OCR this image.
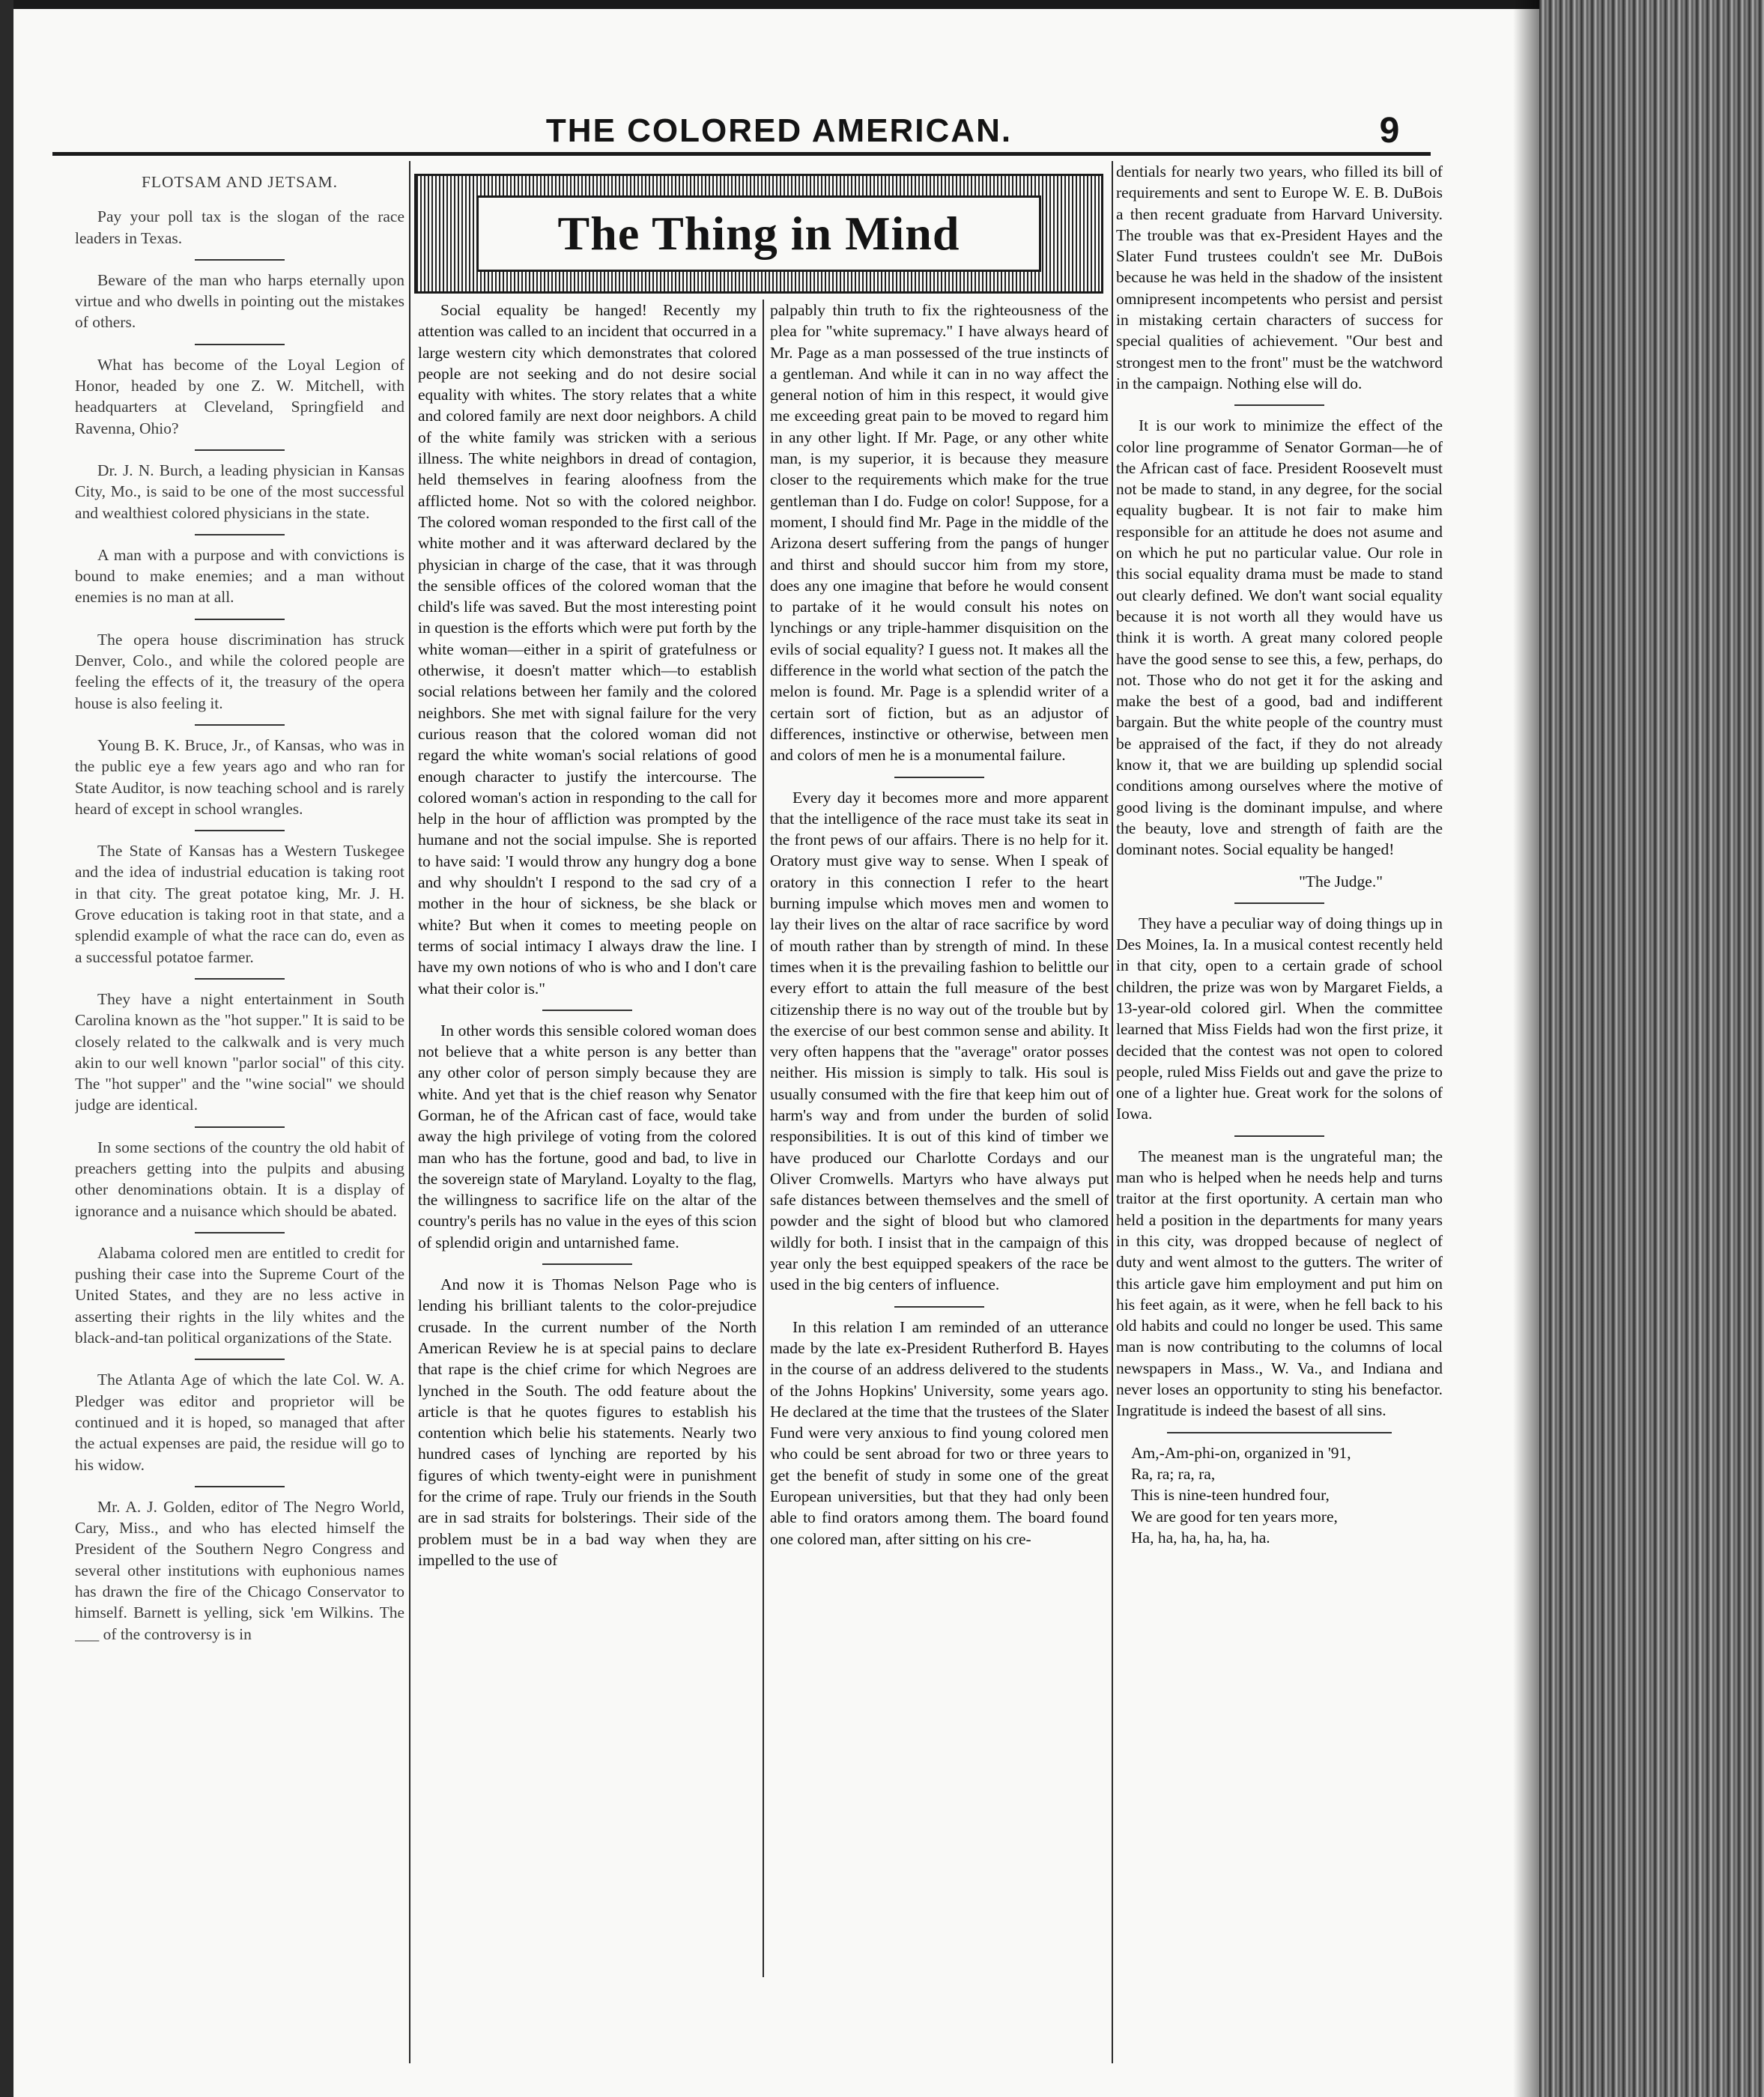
THE COLORED AMERICAN.	9
FLOTSAM AND JETSAM.

Pay your poll tax is the slogan of the race leaders in Texas.

Beware of the man who harps eternally upon virtue and who dwells in pointing out the mistakes of others.

What has become of the Loyal Legion of Honor, headed by one Z. W. Mitchell, with headquarters at Cleveland, Springfield and Ravenna, Ohio?

Dr. J. N. Burch, a leading physician in Kansas City, Mo., is said to be one of the most successful and wealthiest colored physicians in the state.

A man with a purpose and with convictions is bound to make enemies; and a man without enemies is no man at all.

The opera house discrimination has struck Denver, Colo., and while the colored people are feeling the effects of it, the treasury of the opera house is also feeling it.

Young B. K. Bruce, Jr., of Kansas, who was in the public eye a few years ago and who ran for State Auditor, is now teaching school and is rarely heard of except in school wrangles.

The State of Kansas has a Western Tuskegee and the idea of industrial education is taking root in that city. The great potatoe king, Mr. J. H. Grove education is taking root in that state, and a splendid example of what the race can do, even as a successful potatoe farmer.

They have a night entertainment in South Carolina known as the "hot supper." It is said to be closely related to the calkwalk and is very much akin to our well known "parlor social" of this city. The "hot supper" and the "wine social" we should judge are identical.

In some sections of the country the old habit of preachers getting into the pulpits and abusing other denominations obtain. It is a display of ignorance and a nuisance which should be abated.

Alabama colored men are entitled to credit for pushing their case into the Supreme Court of the United States, and they are no less active in asserting their rights in the lily whites and the black-and-tan political organizations of the State.

The Atlanta Age of which the late Col. W. A. Pledger was editor and proprietor will be continued and it is hoped, so managed that after the actual expenses are paid, the residue will go to his widow.

Mr. A. J. Golden, editor of The Negro World, Cary, Miss., and who has elected himself the President of the Southern Negro Congress and several other institutions with euphonious names has drawn the fire of the Chicago Conservator to himself. Barnett is yelling, sick 'em Wilkins. The ___ of the controversy is in

The Thing in Mind

Social equality be hanged! Recently my attention was called to an incident that occurred in a large western city which demonstrates that colored people are not seeking and do not desire social equality with whites. The story relates that a white and colored family are next door neighbors. A child of the white family was stricken with a serious illness. The white neighbors in dread of contagion, held themselves in fearing aloofness from the afflicted home. Not so with the colored neighbor. The colored woman responded to the first call of the white mother and it was afterward declared by the physician in charge of the case, that it was through the sensible offices of the colored woman that the child's life was saved. But the most interesting point in question is the efforts which were put forth by the white woman—either in a spirit of gratefulness or otherwise, it doesn't matter which—to establish social relations between her family and the colored neighbors. She met with signal failure for the very curious reason that the colored woman did not regard the white woman's social relations of good enough character to justify the intercourse. The colored woman's action in responding to the call for help in the hour of affliction was prompted by the humane and not the social impulse. She is reported to have said: 'I would throw any hungry dog a bone and why shouldn't I respond to the sad cry of a mother in the hour of sickness, be she black or white? But when it comes to meeting people on terms of social intimacy I always draw the line. I have my own notions of who is who and I don't care what their color is."

In other words this sensible colored woman does not believe that a white person is any better than any other color of person simply because they are white. And yet that is the chief reason why Senator Gorman, he of the African cast of face, would take away the high privilege of voting from the colored man who has the fortune, good and bad, to live in the sovereign state of Maryland. Loyalty to the flag, the willingness to sacrifice life on the altar of the country's perils has no value in the eyes of this scion of splendid origin and untarnished fame.

And now it is Thomas Nelson Page who is lending his brilliant talents to the color-prejudice crusade. In the current number of the North American Review he is at special pains to declare that rape is the chief crime for which Negroes are lynched in the South. The odd feature about the article is that he quotes figures to establish his contention which belie his statements. Nearly two hundred cases of lynching are reported by his figures of which twenty-eight were in punishment for the crime of rape. Truly our friends in the South are in sad straits for bolsterings. Their side of the problem must be in a bad way when they are impelled to the use of

palpably thin truth to fix the righteousness of the plea for "white supremacy." I have always heard of Mr. Page as a man possessed of the true instincts of a gentleman. And while it can in no way affect the general notion of him in this respect, it would give me exceeding great pain to be moved to regard him in any other light. If Mr. Page, or any other white man, is my superior, it is because they measure closer to the requirements which make for the true gentleman than I do. Fudge on color! Suppose, for a moment, I should find Mr. Page in the middle of the Arizona desert suffering from the pangs of hunger and thirst and should succor him from my store, does any one imagine that before he would consent to partake of it he would consult his notes on lynchings or any triple-hammer disquisition on the evils of social equality? I guess not. It makes all the difference in the world what section of the patch the melon is found. Mr. Page is a splendid writer of a certain sort of fiction, but as an adjustor of differences, instinctive or otherwise, between men and colors of men he is a monumental failure.

Every day it becomes more and more apparent that the intelligence of the race must take its seat in the front pews of our affairs. There is no help for it. Oratory must give way to sense. When I speak of oratory in this connection I refer to the heart burning impulse which moves men and women to lay their lives on the altar of race sacrifice by word of mouth rather than by strength of mind. In these times when it is the prevailing fashion to belittle our every effort to attain the full measure of the best citizenship there is no way out of the trouble but by the exercise of our best common sense and ability. It very often happens that the "average" orator posses neither. His mission is simply to talk. His soul is usually consumed with the fire that keep him out of harm's way and from under the burden of solid responsibilities. It is out of this kind of timber we have produced our Charlotte Cordays and our Oliver Cromwells. Martyrs who have always put safe distances between themselves and the smell of powder and the sight of blood but who clamored wildly for both. I insist that in the campaign of this year only the best equipped speakers of the race be used in the big centers of influence.

In this relation I am reminded of an utterance made by the late ex-President Rutherford B. Hayes in the course of an address delivered to the students of the Johns Hopkins' University, some years ago. He declared at the time that the trustees of the Slater Fund were very anxious to find young colored men who could be sent abroad for two or three years to get the benefit of study in some one of the great European universities, but that they had only been able to find orators among them. The board found one colored man, after sitting on his cre-

dentials for nearly two years, who filled its bill of requirements and sent to Europe W. E. B. DuBois a then recent graduate from Harvard University. The trouble was that ex-President Hayes and the Slater Fund trustees couldn't see Mr. DuBois because he was held in the shadow of the insistent omnipresent incompetents who persist and persist in mistaking certain characters of success for special qualities of achievement. "Our best and strongest men to the front" must be the watchword in the campaign. Nothing else will do.

It is our work to minimize the effect of the color line programme of Senator Gorman—he of the African cast of face. President Roosevelt must not be made to stand, in any degree, for the social equality bugbear. It is not fair to make him responsible for an attitude he does not asume and on which he put no particular value. Our role in this social equality drama must be made to stand out clearly defined. We don't want social equality because it is not worth all they would have us think it is worth. A great many colored people have the good sense to see this, a few, perhaps, do not. Those who do not get it for the asking and make the best of a good, bad and indifferent bargain. But the white people of the country must be appraised of the fact, if they do not already know it, that we are building up splendid social conditions among ourselves where the motive of good living is the dominant impulse, and where the beauty, love and strength of faith are the dominant notes. Social equality be hanged!

"The Judge."

They have a peculiar way of doing things up in Des Moines, Ia. In a musical contest recently held in that city, open to a certain grade of school children, the prize was won by Margaret Fields, a 13-year-old colored girl. When the committee learned that Miss Fields had won the first prize, it decided that the contest was not open to colored people, ruled Miss Fields out and gave the prize to one of a lighter hue. Great work for the solons of Iowa.

The meanest man is the ungrateful man; the man who is helped when he needs help and turns traitor at the first oportunity. A certain man who held a position in the departments for many years in this city, was dropped because of neglect of duty and went almost to the gutters. The writer of this article gave him employment and put him on his feet again, as it were, when he fell back to his old habits and could no longer be used. This same man is now contributing to the columns of local newspapers in Mass., W. Va., and Indiana and never loses an opportunity to sting his benefactor. Ingratitude is indeed the basest of all sins.

Am,-Am-phi-on, organized in '91,
Ra, ra; ra, ra,
This is nine-teen hundred four,
We are good for ten years more,
Ha, ha, ha, ha, ha, ha.
